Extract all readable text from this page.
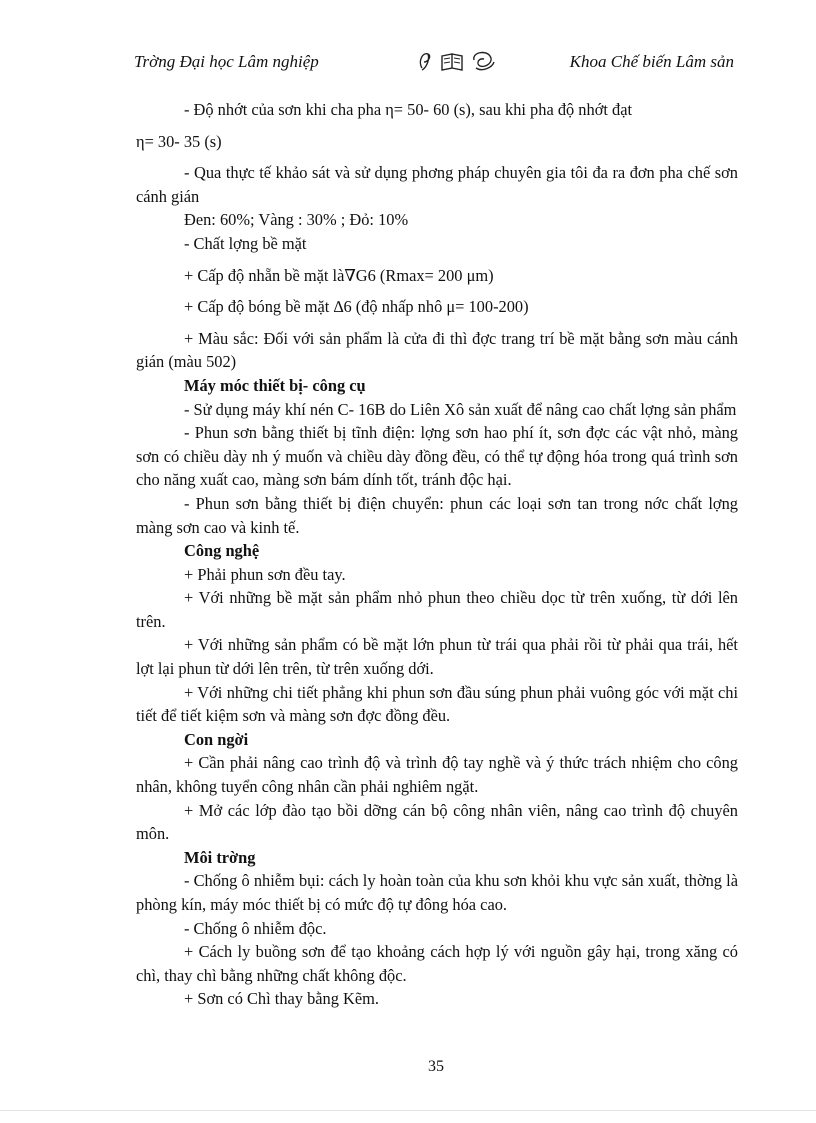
Trờng Đại học Lâm nghiệp	Khoa Chế biến Lâm sản

- Độ nhớt của sơn khi cha pha η= 50- 60 (s), sau khi pha độ nhớt đạt

η= 30- 35 (s)

- Qua thực tế khảo sát và sử dụng phơng pháp chuyên gia tôi đa ra đơn pha chế sơn cánh gián

Đen: 60%; Vàng : 30% ; Đỏ: 10%

- Chất lợng bề mặt

+ Cấp độ nhẵn bề mặt là∇G6 (Rmax= 200 μm)

+ Cấp độ bóng bề mặt ∆6 (độ nhấp nhô μ= 100-200)

+ Màu sắc: Đối với sản phẩm là cửa đi thì đợc trang trí bề mặt bằng sơn màu cánh gián (màu 502)

Máy móc thiết bị- công cụ

- Sử dụng máy khí nén C- 16B do Liên Xô sản xuất để nâng cao chất lợng sản phẩm

- Phun sơn bằng thiết bị tĩnh điện: lợng sơn hao phí ít, sơn đợc các vật nhỏ, màng sơn có chiều dày nh ý muốn và chiều dày đồng đều, có thể tự động hóa trong quá trình sơn cho năng xuất cao, màng sơn bám dính tốt, tránh độc hại.

- Phun sơn bằng thiết bị điện chuyển: phun các loại sơn tan trong nớc chất lợng màng sơn cao và kinh tế.

Công nghệ

+ Phải phun sơn đều tay.

+ Với những bề mặt sản phẩm nhỏ phun theo chiều dọc từ trên xuống, từ dới lên trên.

+ Với những sản phẩm có bề mặt lớn phun từ trái qua phải rồi từ phải qua trái, hết lợt lại phun từ dới lên trên, từ trên xuống dới.

+ Với những chi tiết phẳng khi phun sơn đầu súng phun phải vuông góc với mặt chi tiết để tiết kiệm sơn và màng sơn đợc đồng đều.

Con ngời

+ Cần phải nâng cao trình độ và trình độ tay nghề và ý thức trách nhiệm cho công nhân, không tuyển công nhân cần phải nghiêm ngặt.

+ Mở các lớp đào tạo bồi dỡng cán bộ công nhân viên, nâng cao trình độ chuyên môn.

Môi trờng

- Chống ô nhiễm bụi: cách ly hoàn toàn của khu sơn khỏi khu vực sản xuất, thờng là phòng kín, máy móc thiết bị có mức độ tự đông hóa cao.

- Chống ô nhiễm độc.

+ Cách ly buồng sơn để tạo khoảng cách hợp lý với nguồn gây hại, trong xăng có chì, thay chì bằng những chất không độc.

+ Sơn có Chì thay bằng Kẽm.

35
